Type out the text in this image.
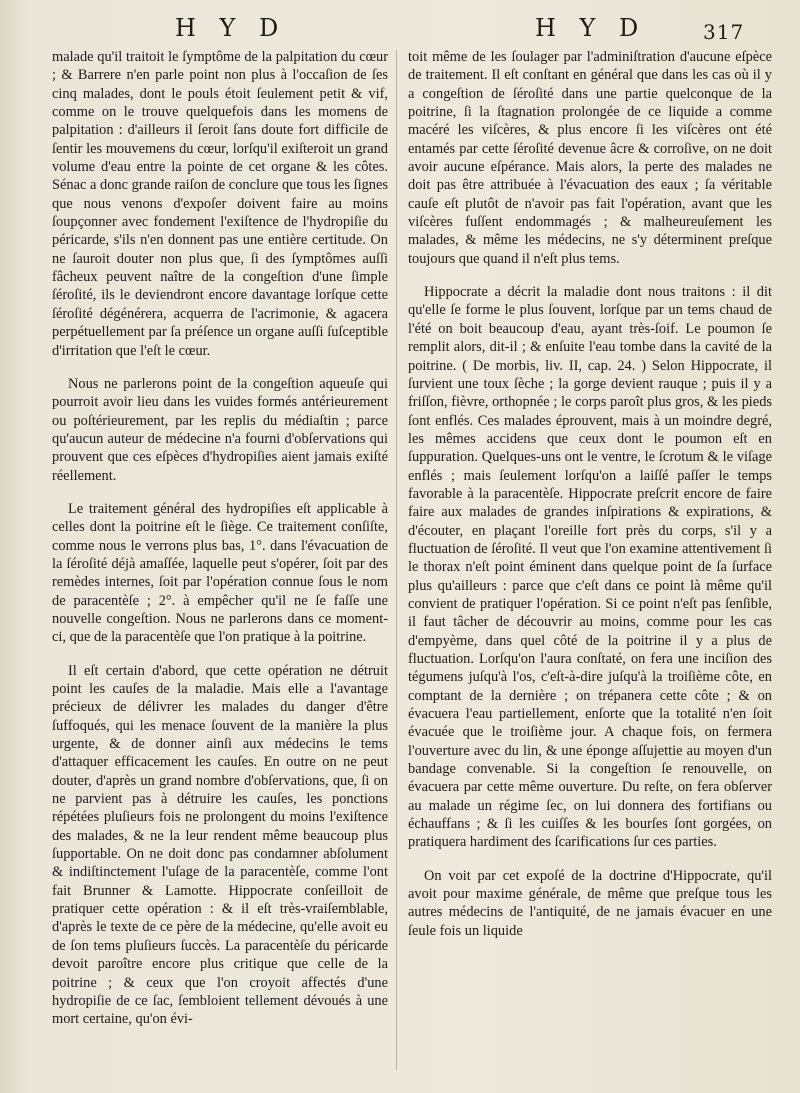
H Y D	H Y D	317

malade qu'il traitoit le ſymptôme de la palpitation du cœur ; & Barrere n'en parle point non plus à l'occaſion de ſes cinq malades, dont le pouls étoit ſeulement petit & vif, comme on le trouve quelquefois dans les momens de palpitation : d'ailleurs il ſeroit ſans doute fort difficile de ſentir les mouvemens du cœur, lorſqu'il exiſteroit un grand volume d'eau entre la pointe de cet organe & les côtes. Sénac a donc grande raiſon de conclure que tous les ſignes que nous venons d'expoſer doivent faire au moins ſoupçonner avec fondement l'exiſtence de l'hydropiſie du péricarde, s'ils n'en donnent pas une entière certitude. On ne ſauroit douter non plus que, ſi des ſymptômes auſſi fâcheux peuvent naître de la congeſtion d'une ſimple ſéroſité, ils le deviendront encore davantage lorſque cette ſéroſité dégénérera, acquerra de l'acrimonie, & agacera perpétuellement par ſa préſence un organe auſſi ſuſceptible d'irritation que l'eſt le cœur.

Nous ne parlerons point de la congeſtion aqueuſe qui pourroit avoir lieu dans les vuides formés antérieurement ou poſtérieurement, par les replis du médiaſtin ; parce qu'aucun auteur de médecine n'a fourni d'obſervations qui prouvent que ces eſpèces d'hydropiſies aient jamais exiſté réellement.

Le traitement général des hydropiſies eſt applicable à celles dont la poitrine eſt le ſiège. Ce traitement conſiſte, comme nous le verrons plus bas, 1°. dans l'évacuation de la ſéroſité déjà amaſſée, laquelle peut s'opérer, ſoit par des remèdes internes, ſoit par l'opération connue ſous le nom de paracentèſe ; 2°. à empêcher qu'il ne ſe faſſe une nouvelle congeſtion. Nous ne parlerons dans ce moment-ci, que de la paracentèſe que l'on pratique à la poitrine.

Il eſt certain d'abord, que cette opération ne détruit point les cauſes de la maladie. Mais elle a l'avantage précieux de délivrer les malades du danger d'être ſuffoqués, qui les menace ſouvent de la manière la plus urgente, & de donner ainſi aux médecins le tems d'attaquer efficacement les cauſes. En outre on ne peut douter, d'après un grand nombre d'obſervations, que, ſi on ne parvient pas à détruire les cauſes, les ponctions répétées pluſieurs fois ne prolongent du moins l'exiſtence des malades, & ne la leur rendent même beaucoup plus ſupportable. On ne doit donc pas condamner abſolument & indiſtinctement l'uſage de la paracentèſe, comme l'ont fait Brunner & Lamotte. Hippocrate conſeilloit de pratiquer cette opération : & il eſt très-vraiſemblable, d'après le texte de ce père de la médecine, qu'elle avoit eu de ſon tems pluſieurs ſuccès. La paracentèſe du péricarde devoit paroître encore plus critique que celle de la poitrine ; & ceux que l'on croyoit affectés d'une hydropiſie de ce ſac, ſembloient tellement dévoués à une mort certaine, qu'on évi-

toit même de les ſoulager par l'adminiſtration d'aucune eſpèce de traitement. Il eſt conſtant en général que dans les cas où il y a congeſtion de ſéroſité dans une partie quelconque de la poitrine, ſi la ſtagnation prolongée de ce liquide a comme macéré les viſcères, & plus encore ſi les viſcères ont été entamés par cette ſéroſité devenue âcre & corroſive, on ne doit avoir aucune eſpérance. Mais alors, la perte des malades ne doit pas être attribuée à l'évacuation des eaux ; ſa véritable cauſe eſt plutôt de n'avoir pas fait l'opération, avant que les viſcères fuſſent endommagés ; & malheureuſement les malades, & même les médecins, ne s'y déterminent preſque toujours que quand il n'eſt plus tems.

Hippocrate a décrit la maladie dont nous traitons : il dit qu'elle ſe forme le plus ſouvent, lorſque par un tems chaud de l'été on boit beaucoup d'eau, ayant très-ſoif. Le poumon ſe remplit alors, dit-il ; & enſuite l'eau tombe dans la cavité de la poitrine. ( De morbis, liv. II, cap. 24. ) Selon Hippocrate, il ſurvient une toux ſèche ; la gorge devient rauque ; puis il y a friſſon, fièvre, orthopnée ; le corps paroît plus gros, & les pieds ſont enflés. Ces malades éprouvent, mais à un moindre degré, les mêmes accidens que ceux dont le poumon eſt en ſuppuration. Quelques-uns ont le ventre, le ſcrotum & le viſage enflés ; mais ſeulement lorſqu'on a laiſſé paſſer le temps favorable à la paracentèſe. Hippocrate preſcrit encore de faire faire aux malades de grandes inſpirations & expirations, & d'écouter, en plaçant l'oreille fort près du corps, s'il y a fluctuation de ſéroſité. Il veut que l'on examine attentivement ſi le thorax n'eſt point éminent dans quelque point de ſa ſurface plus qu'ailleurs : parce que c'eſt dans ce point là même qu'il convient de pratiquer l'opération. Si ce point n'eſt pas ſenſible, il faut tâcher de découvrir au moins, comme pour les cas d'empyème, dans quel côté de la poitrine il y a plus de fluctuation. Lorſqu'on l'aura conſtaté, on fera une inciſion des tégumens juſqu'à l'os, c'eſt-à-dire juſqu'à la troiſième côte, en comptant de la dernière ; on trépanera cette côte ; & on évacuera l'eau partiellement, enſorte que la totalité n'en ſoit évacuée que le troiſième jour. A chaque fois, on fermera l'ouverture avec du lin, & une éponge aſſujettie au moyen d'un bandage convenable. Si la congeſtion ſe renouvelle, on évacuera par cette même ouverture. Du reſte, on fera obſerver au malade un régime ſec, on lui donnera des fortifians ou échauffans ; & ſi les cuiſſes & les bourſes ſont gorgées, on pratiquera hardiment des ſcarifications ſur ces parties.

On voit par cet expoſé de la doctrine d'Hippocrate, qu'il avoit pour maxime générale, de même que preſque tous les autres médecins de l'antiquité, de ne jamais évacuer en une ſeule fois un liquide
